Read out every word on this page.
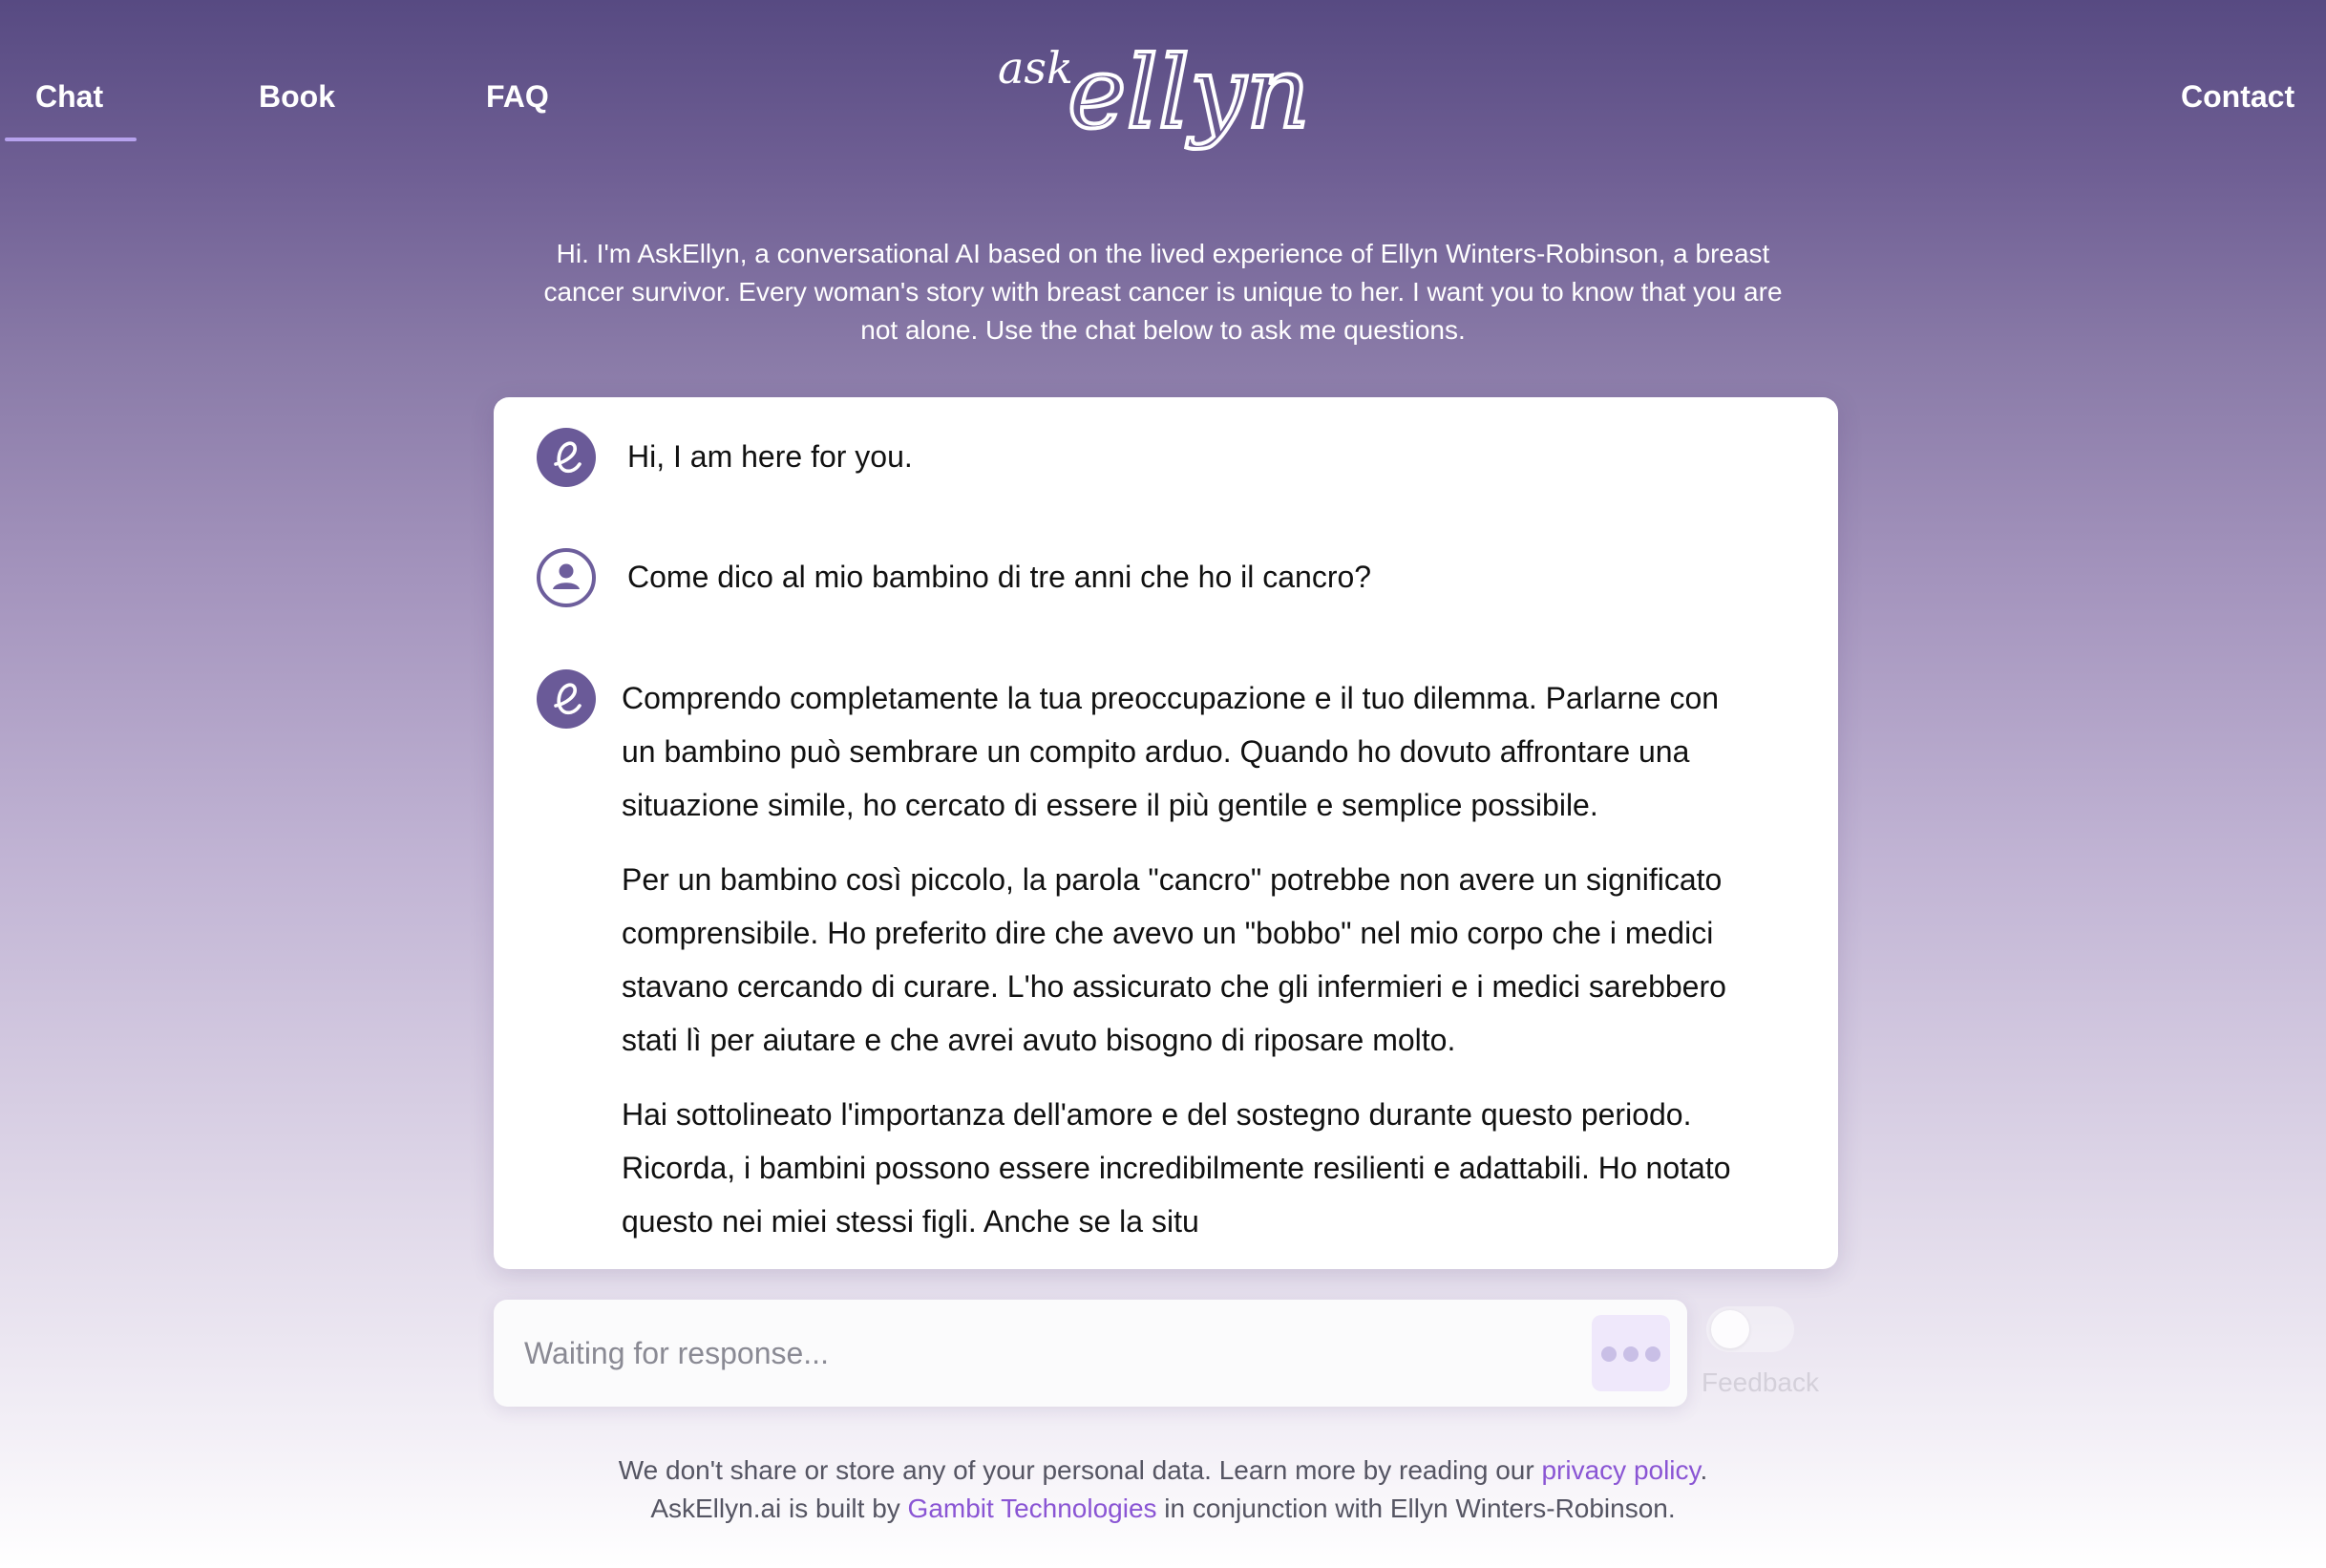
Chat	Book	FAQ	Contact
ask
ellyn
Hi. I'm AskEllyn, a conversational AI based on the lived experience of Ellyn Winters-Robinson, a breast
cancer survivor. Every woman's story with breast cancer is unique to her. I want you to know that you are
not alone. Use the chat below to ask me questions.
Hi, I am here for you.
Come dico al mio bambino di tre anni che ho il cancro?
Comprendo completamente la tua preoccupazione e il tuo dilemma. Parlarne con
un bambino può sembrare un compito arduo. Quando ho dovuto affrontare una
situazione simile, ho cercato di essere il più gentile e semplice possibile.
Per un bambino così piccolo, la parola "cancro" potrebbe non avere un significato
comprensibile. Ho preferito dire che avevo un "bobbo" nel mio corpo che i medici
stavano cercando di curare. L'ho assicurato che gli infermieri e i medici sarebbero
stati lì per aiutare e che avrei avuto bisogno di riposare molto.
Hai sottolineato l'importanza dell'amore e del sostegno durante questo periodo.
Ricorda, i bambini possono essere incredibilmente resilienti e adattabili. Ho notato
questo nei miei stessi figli. Anche se la situ
Waiting for response...
Feedback
We don't share or store any of your personal data. Learn more by reading our privacy policy.
AskEllyn.ai is built by Gambit Technologies in conjunction with Ellyn Winters-Robinson.
